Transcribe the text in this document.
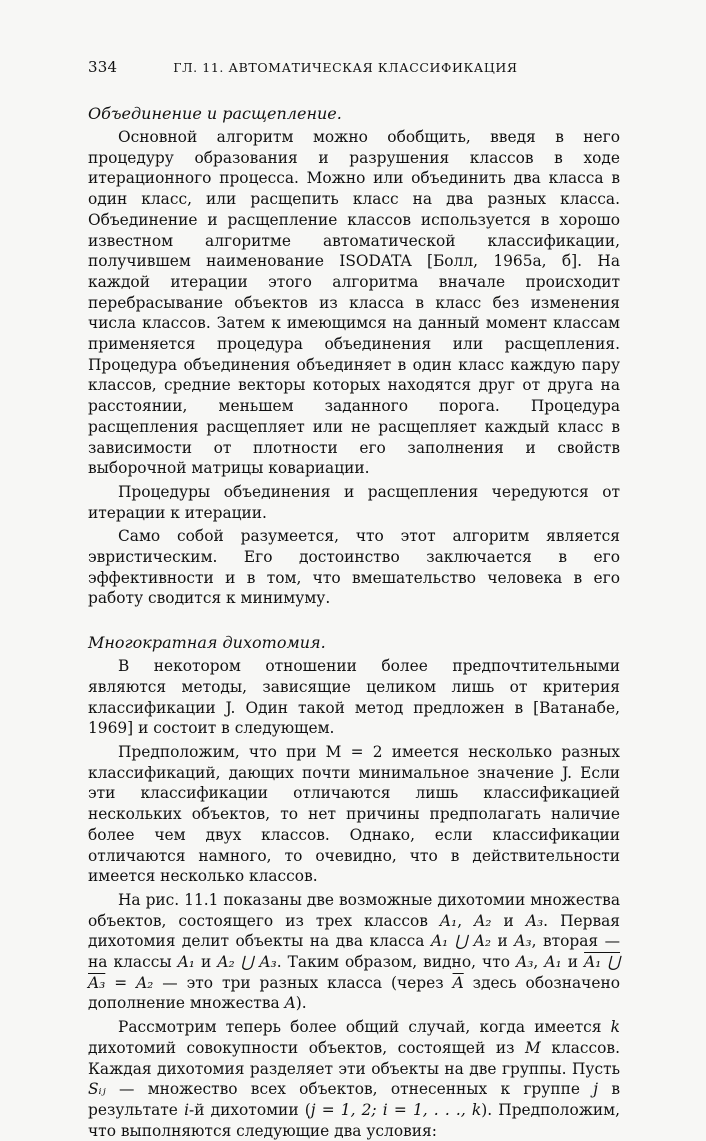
334	ГЛ. 11. АВТОМАТИЧЕСКАЯ КЛАССИФИКАЦИЯ

Объединение и расщепление.

Основной алгоритм можно обобщить, введя в него процедуру образования и разрушения классов в ходе итерационного процесса. Можно или объединить два класса в один класс, или расщепить класс на два разных класса. Объединение и расщепление классов используется в хорошо известном алгоритме автоматической классификации, получившем наименование ISODATA [Болл, 1965а, б]. На каждой итерации этого алгоритма вначале происходит перебрасывание объектов из класса в класс без изменения числа классов. Затем к имеющимся на данный момент классам применяется процедура объединения или расщепления. Процедура объединения объединяет в один класс каждую пару классов, средние векторы которых находятся друг от друга на расстоянии, меньшем заданного порога. Процедура расщепления расщепляет или не расщепляет каждый класс в зависимости от плотности его заполнения и свойств выборочной матрицы ковариации.

Процедуры объединения и расщепления чередуются от итерации к итерации.

Само собой разумеется, что этот алгоритм является эвристическим. Его достоинство заключается в его эффективности и в том, что вмешательство человека в его работу сводится к минимуму.

Многократная дихотомия.

В некотором отношении более предпочтительными являются методы, зависящие целиком лишь от критерия классификации J. Один такой метод предложен в [Ватанабе, 1969] и состоит в следующем.

Предположим, что при M = 2 имеется несколько разных классификаций, дающих почти минимальное значение J. Если эти классификации отличаются лишь классификацией нескольких объектов, то нет причины предполагать наличие более чем двух классов. Однако, если классификации отличаются намного, то очевидно, что в действительности имеется несколько классов.

На рис. 11.1 показаны две возможные дихотомии множества объектов, состоящего из трех классов A₁, A₂ и A₃. Первая дихотомия делит объекты на два класса A₁ ⋃ A₂ и A₃, вторая — на классы A₁ и A₂ ⋃ A₃. Таким образом, видно, что A₃, A₁ и A₁ ⋃ A₃ = A₂ — это три разных класса (через $\overline{A}$ здесь обозначено дополнение множества A).

Рассмотрим теперь более общий случай, когда имеется k дихотомий совокупности объектов, состоящей из M классов. Каждая дихотомия разделяет эти объекты на две группы. Пусть Sᵢⱼ — множество всех объектов, отнесенных к группе j в результате i-й дихотомии (j = 1, 2; i = 1, . . ., k). Предположим, что выполняются следующие два условия:
